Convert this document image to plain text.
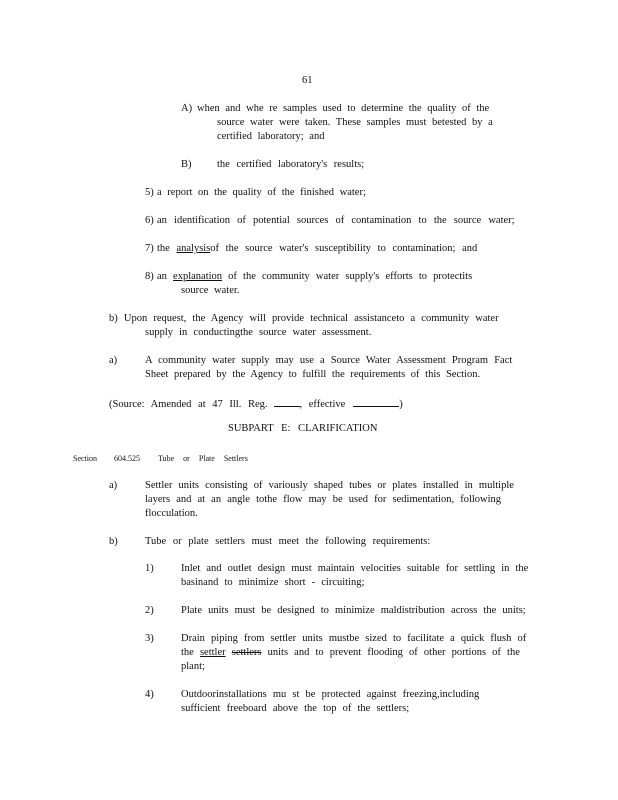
61
A) when and whe re samples used to determine the quality of the
source water were taken. These samples must betested by a
certified laboratory; and
B) the certified laboratory's results;
5) a report on the quality of the finished water;
6) an identification of potential sources of contamination to the source water;
7) the analysisof the source water's susceptibility to contamination; and
8) an explanation of the community water supply's efforts to protectits
source water.
b) Upon request, the Agency will provide technical assistanceto a community water
supply in conductingthe source water assessment.
a)	A community water supply may use a Source Water Assessment Program Fact
Sheet prepared by the Agency to fulfill the requirements of this Section.
(Source: Amended at 47 Ill. Reg.	, effective	)
SUBPART E: CLARIFICATION
Section 604.525 Tube or Plate Settlers
a)	Settler units consisting of variously shaped tubes or plates installed in multiple
layers and at an angle tothe flow may be used for sedimentation, following
flocculation.
b)	Tube or plate settlers must meet the following requirements:
1)	Inlet and outlet design must maintain velocities suitable for settling in the
basinand to minimize short - circuiting;
2)	Plate units must be designed to minimize maldistribution across the units;
3)	Drain piping from settler units mustbe sized to facilitate a quick flush of
the settler settlers units and to prevent flooding of other portions of the
plant;
4)	Outdoorinstallations mu st be protected against freezing,including
sufficient freeboard above the top of the settlers;
